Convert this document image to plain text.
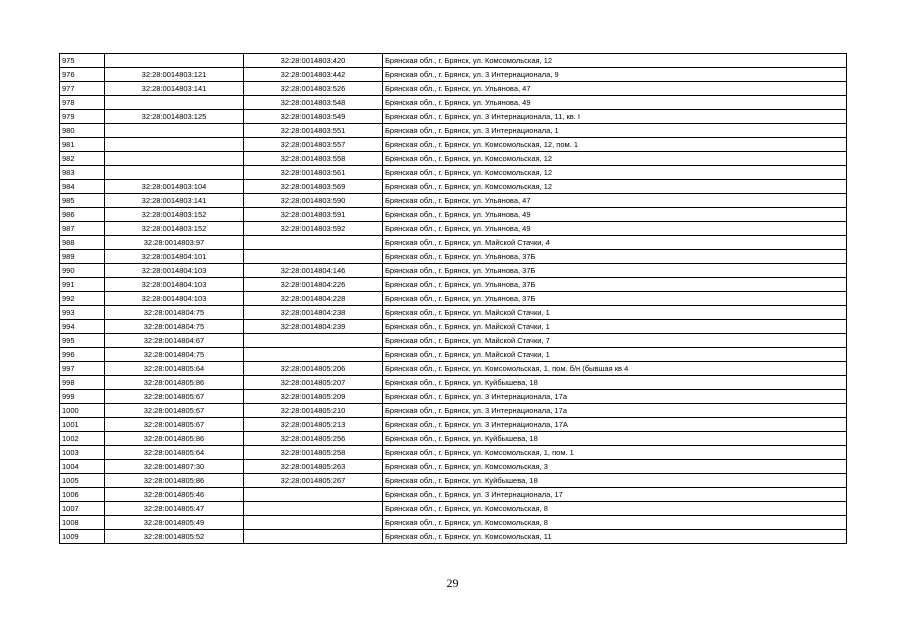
975		32:28:0014803:420	Брянская обл., г. Брянск, ул. Комсомольская, 12
976	32:28:0014803:121	32:28:0014803:442	Брянская обл., г. Брянск, ул. 3 Интернационала, 9
977	32:28:0014803:141	32:28:0014803:526	Брянская обл., г. Брянск, ул. Ульянова, 47
978		32:28:0014803:548	Брянская обл., г. Брянск, ул. Ульянова, 49
979	32:28:0014803:125	32:28:0014803:549	Брянская обл., г. Брянск, ул. 3 Интернационала, 11, кв. I
980		32:28:0014803:551	Брянская обл., г. Брянск, ул. 3 Интернационала, 1
981		32:28:0014803:557	Брянская обл., г. Брянск, ул. Комсомольская, 12, пом. 1
982		32:28:0014803:558	Брянская обл., г. Брянск, ул. Комсомольская, 12
983		32:28:0014803:561	Брянская обл., г. Брянск, ул. Комсомольская, 12
984	32:28:0014803:104	32:28:0014803:569	Брянская обл., г. Брянск, ул. Комсомольская, 12
985	32:28:0014803:141	32:28:0014803:590	Брянская обл., г. Брянск, ул. Ульянова, 47
986	32:28:0014803:152	32:28:0014803:591	Брянская обл., г. Брянск, ул. Ульянова, 49
987	32:28:0014803:152	32:28:0014803:592	Брянская обл., г. Брянск, ул. Ульянова, 49
988	32:28:0014803:97		Брянская обл., г. Брянск, ул. Майской Стачки, 4
989	32:28:0014804:101		Брянская обл., г. Брянск, ул. Ульянова, 37Б
990	32:28:0014804:103	32:28:0014804:146	Брянская обл., г. Брянск, ул. Ульянова, 37Б
991	32:28:0014804:103	32:28:0014804:226	Брянская обл., г. Брянск, ул. Ульянова, 37Б
992	32:28:0014804:103	32:28:0014804:228	Брянская обл., г. Брянск, ул. Ульянова, 37Б
993	32:28:0014804:75	32:28:0014804:238	Брянская обл., г. Брянск, ул. Майской Стачки, 1
994	32:28:0014804:75	32:28:0014804:239	Брянская обл., г. Брянск, ул. Майской Стачки, 1
995	32:28:0014804:67		Брянская обл., г. Брянск, ул. Майской Стачки, 7
996	32:28:0014804:75		Брянская обл., г. Брянск, ул. Майской Стачки, 1
997	32:28:0014805:64	32:28:0014805:206	Брянская обл., г. Брянск, ул. Комсомольская, 1, пом. б/н (бывшая кв 4
998	32:28:0014805:86	32:28:0014805:207	Брянская обл., г. Брянск, ул. Куйбышева, 18
999	32:28:0014805:67	32:28:0014805:209	Брянская обл., г. Брянск, ул. 3 Интернационала, 17а
1000	32:28:0014805:67	32:28:0014805:210	Брянская обл., г. Брянск, ул. 3 Интернационала, 17а
1001	32:28:0014805:67	32:28:0014805:213	Брянская обл., г. Брянск, ул. 3 Интернационала, 17А
1002	32:28:0014805:86	32:28:0014805:256	Брянская обл., г. Брянск, ул. Куйбышева, 18
1003	32:28:0014805:64	32:28:0014805:258	Брянская обл., г. Брянск, ул. Комсомольская, 1, пом. 1
1004	32:28:0014807:30	32:28:0014805:263	Брянская обл., г. Брянск, ул. Комсомольская, 3
1005	32:28:0014805:86	32:28:0014805:267	Брянская обл., г. Брянск, ул. Куйбышева, 18
1006	32:28:0014805:46		Брянская обл., г. Брянск, ул. 3 Интернационала, 17
1007	32:28:0014805:47		Брянская обл., г. Брянск, ул. Комсомольская, 8
1008	32:28:0014805:49		Брянская обл., г. Брянск, ул. Комсомольская, 8
1009	32:28:0014805:52		Брянская обл., г. Брянск, ул. Комсомольская, 11
29
